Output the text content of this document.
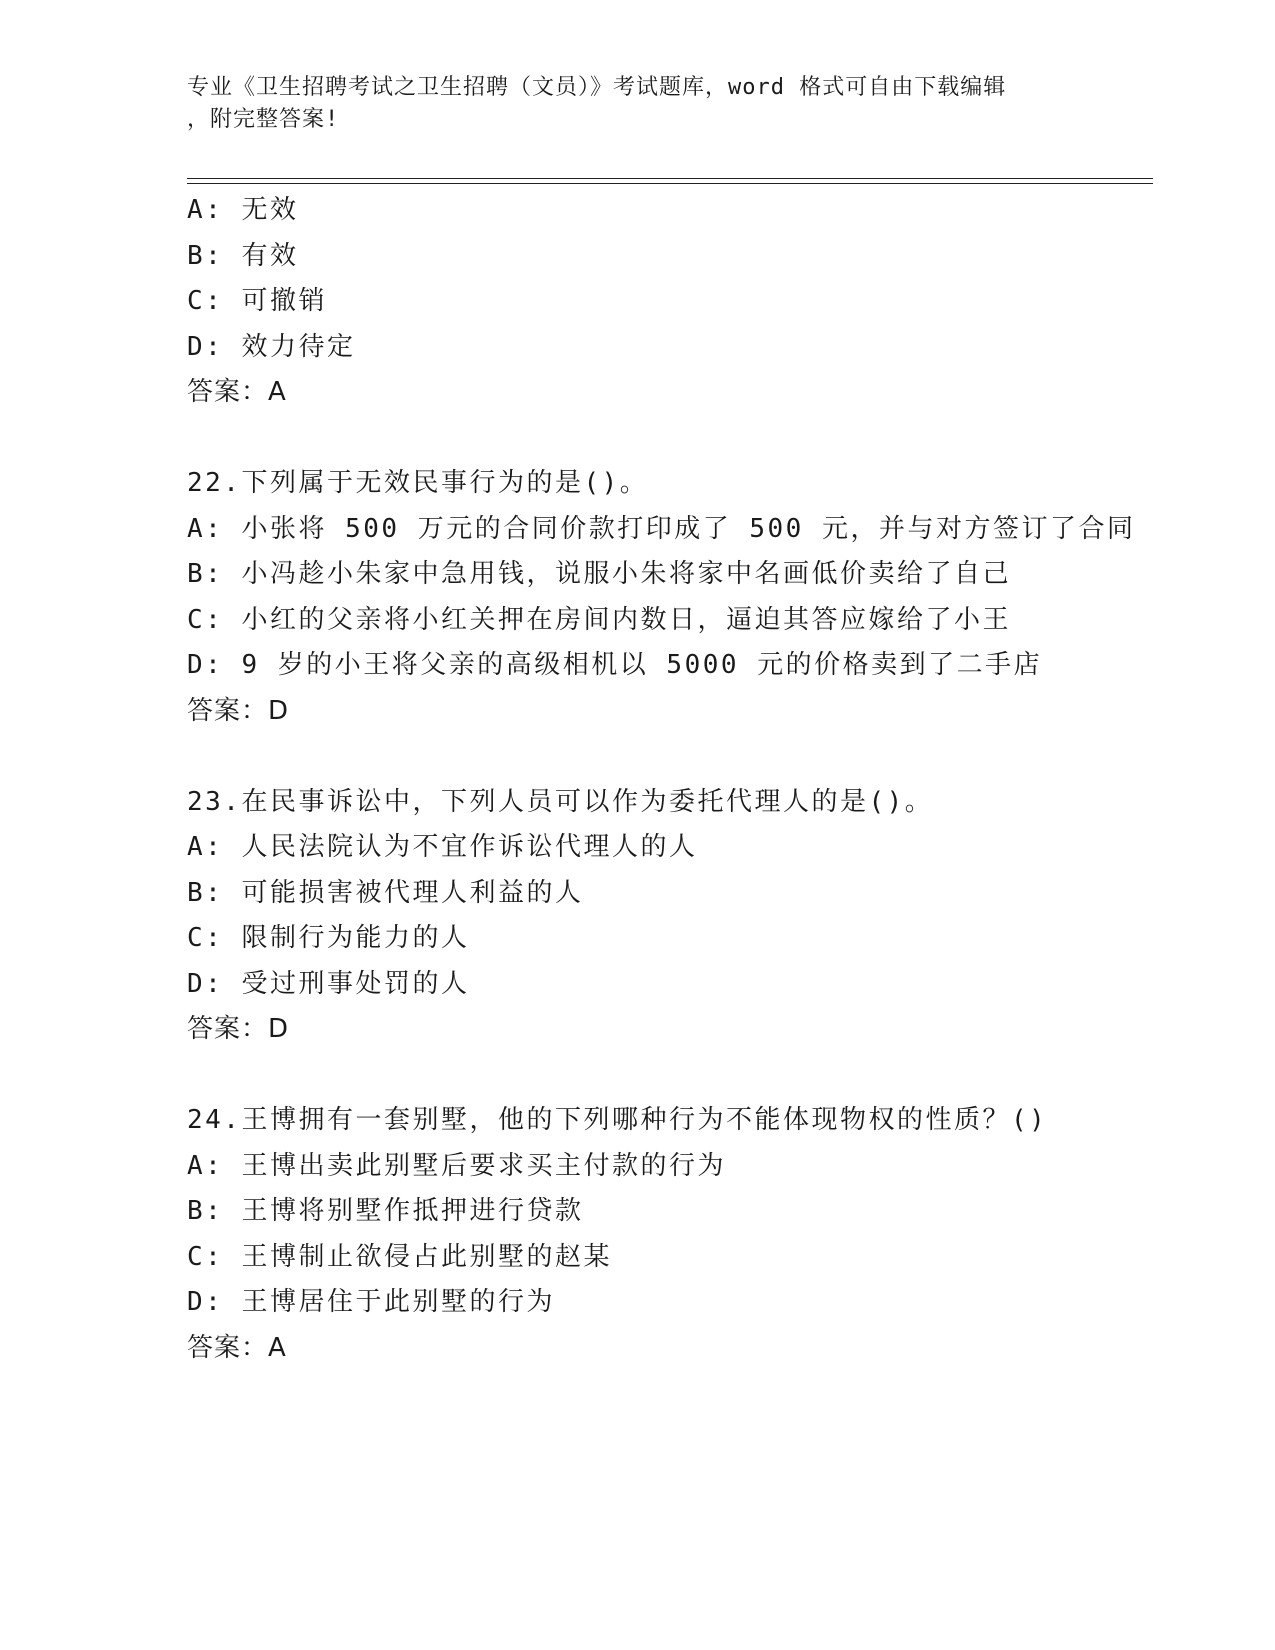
专业《卫生招聘考试之卫生招聘（文员）》考试题库，word 格式可自由下载编辑
，附完整答案!
A: 无效
B: 有效
C: 可撤销
D: 效力待定
答案：A
22.下列属于无效民事行为的是()。
A: 小张将 500 万元的合同价款打印成了 500 元，并与对方签订了合同
B: 小冯趁小朱家中急用钱，说服小朱将家中名画低价卖给了自己
C: 小红的父亲将小红关押在房间内数日，逼迫其答应嫁给了小王
D: 9 岁的小王将父亲的高级相机以 5000 元的价格卖到了二手店
答案：D
23.在民事诉讼中，下列人员可以作为委托代理人的是()。
A: 人民法院认为不宜作诉讼代理人的人
B: 可能损害被代理人利益的人
C: 限制行为能力的人
D: 受过刑事处罚的人
答案：D
24.王博拥有一套别墅，他的下列哪种行为不能体现物权的性质？()
A: 王博出卖此别墅后要求买主付款的行为
B: 王博将别墅作抵押进行贷款
C: 王博制止欲侵占此别墅的赵某
D: 王博居住于此别墅的行为
答案：A
